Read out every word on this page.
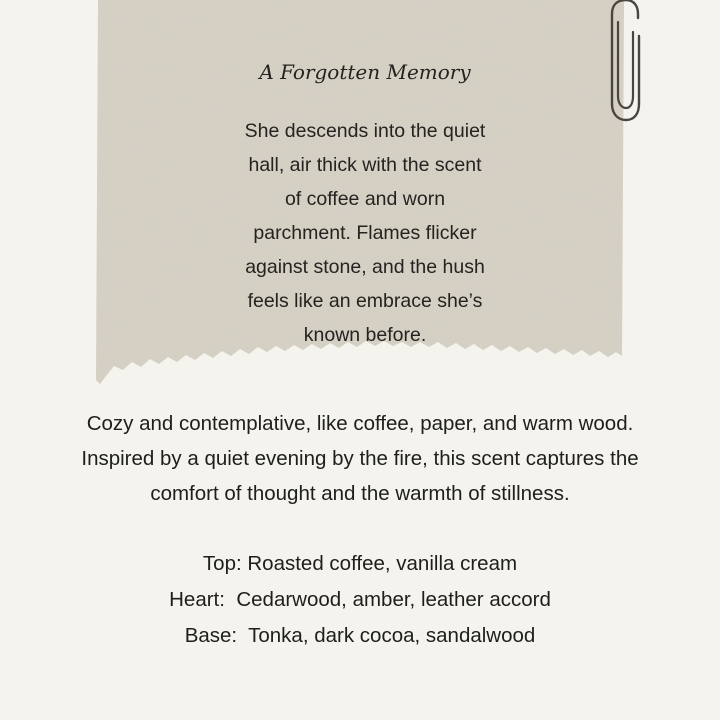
A Forgotten Memory

She descends into the quiet
hall, air thick with the scent
of coffee and worn
parchment. Flames flicker
against stone, and the hush
feels like an embrace she’s
known before.

Cozy and contemplative, like coffee, paper, and warm wood.
Inspired by a quiet evening by the fire, this scent captures the
comfort of thought and the warmth of stillness.

Top: Roasted coffee, vanilla cream
Heart:  Cedarwood, amber, leather accord
Base:  Tonka, dark cocoa, sandalwood
